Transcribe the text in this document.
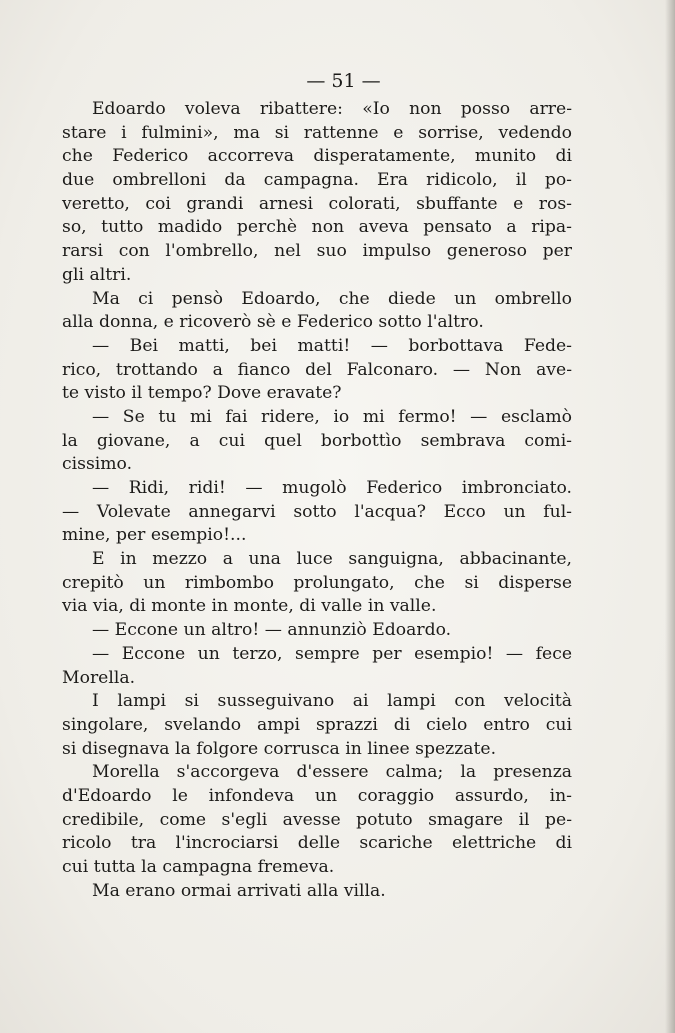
— 51 —
Edoardo voleva ribattere: «Io non posso arre-
stare i fulmini», ma si rattenne e sorrise, vedendo
che Federico accorreva disperatamente, munito di
due ombrelloni da campagna. Era ridicolo, il po-
veretto, coi grandi arnesi colorati, sbuffante e ros-
so, tutto madido perchè non aveva pensato a ripa-
rarsi con l'ombrello, nel suo impulso generoso per
gli altri.
Ma ci pensò Edoardo, che diede un ombrello
alla donna, e ricoverò sè e Federico sotto l'altro.
— Bei matti, bei matti! — borbottava Fede-
rico, trottando a fianco del Falconaro. — Non ave-
te visto il tempo? Dove eravate?
— Se tu mi fai ridere, io mi fermo! — esclamò
la giovane, a cui quel borbottìo sembrava comi-
cissimo.
— Ridi, ridi! — mugolò Federico imbronciato.
— Volevate annegarvi sotto l'acqua? Ecco un ful-
mine, per esempio!...
E in mezzo a una luce sanguigna, abbacinante,
crepitò un rimbombo prolungato, che si disperse
via via, di monte in monte, di valle in valle.
— Eccone un altro! — annunziò Edoardo.
— Eccone un terzo, sempre per esempio! — fece
Morella.
I lampi si susseguivano ai lampi con velocità
singolare, svelando ampi sprazzi di cielo entro cui
si disegnava la folgore corrusca in linee spezzate.
Morella s'accorgeva d'essere calma; la presenza
d'Edoardo le infondeva un coraggio assurdo, in-
credibile, come s'egli avesse potuto smagare il pe-
ricolo tra l'incrociarsi delle scariche elettriche di
cui tutta la campagna fremeva.
Ma erano ormai arrivati alla villa.
